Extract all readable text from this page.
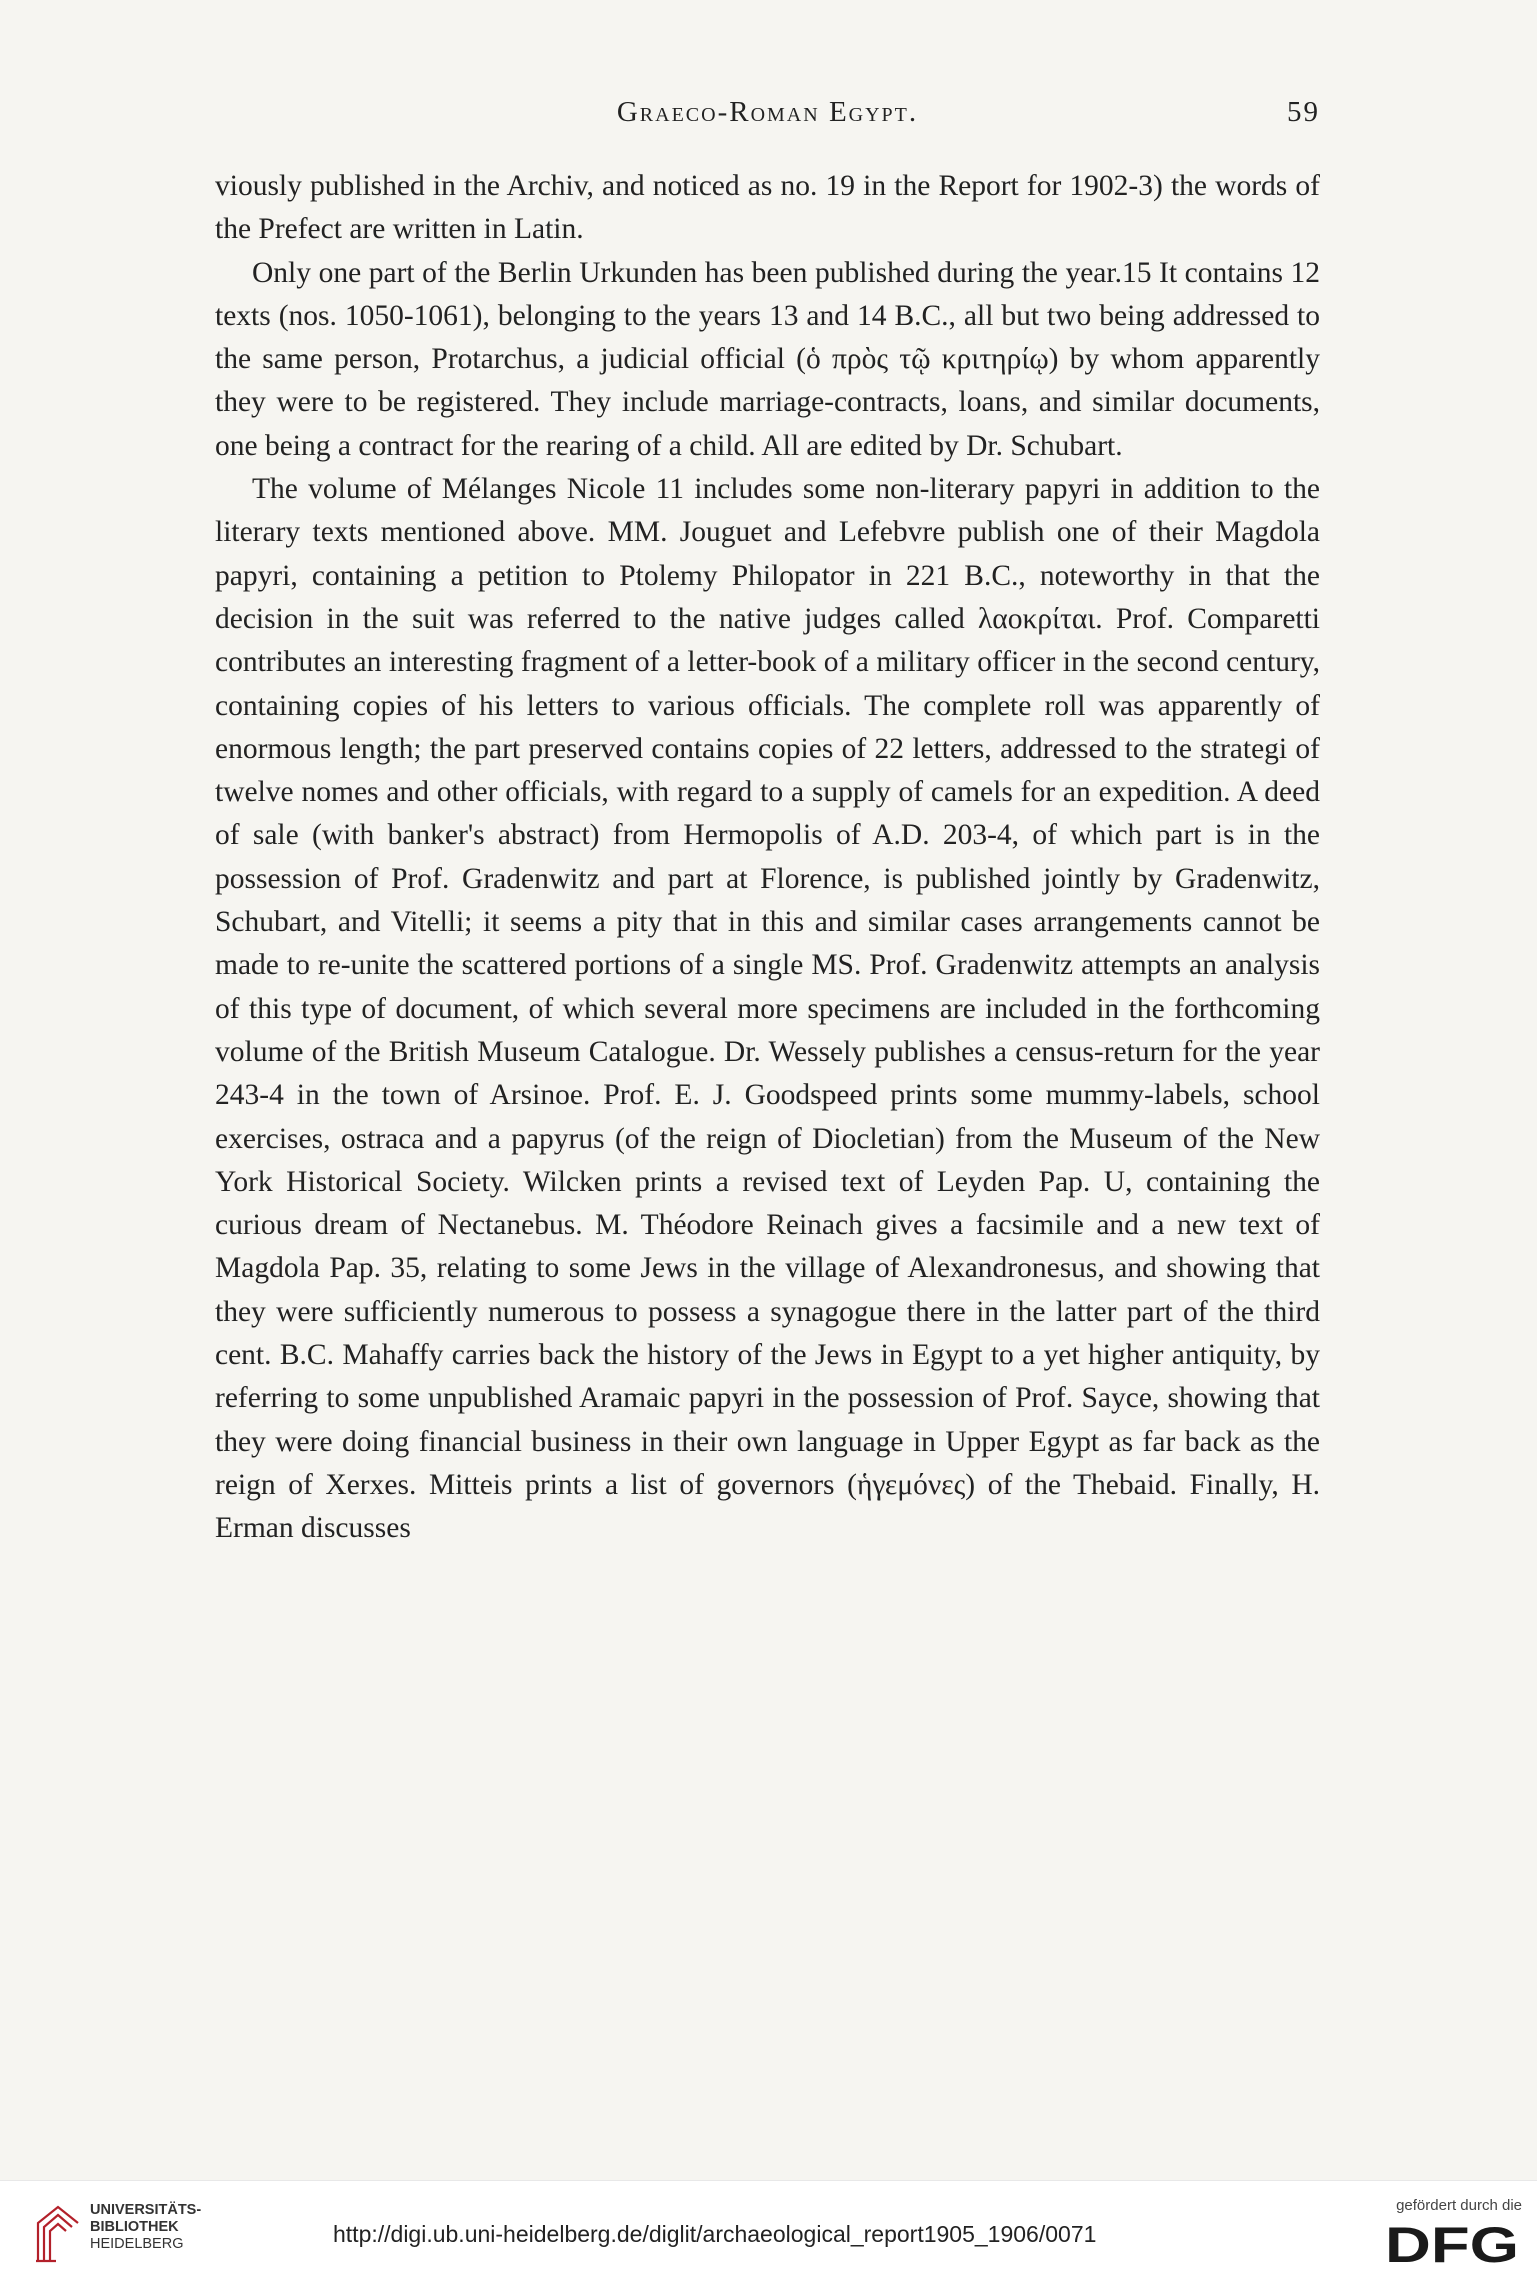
Graeco-Roman Egypt.	59

viously published in the Archiv, and noticed as no. 19 in the Report for 1902-3) the words of the Prefect are written in Latin.

Only one part of the Berlin Urkunden has been published during the year.15 It contains 12 texts (nos. 1050-1061), belonging to the years 13 and 14 B.C., all but two being addressed to the same person, Protarchus, a judicial official (ὁ πρὸς τῷ κριτηρίῳ) by whom apparently they were to be registered. They include marriage-contracts, loans, and similar documents, one being a contract for the rearing of a child. All are edited by Dr. Schubart.

The volume of Mélanges Nicole 11 includes some non-literary papyri in addition to the literary texts mentioned above. MM. Jouguet and Lefebvre publish one of their Magdola papyri, containing a petition to Ptolemy Philopator in 221 B.C., noteworthy in that the decision in the suit was referred to the native judges called λαοκρίται. Prof. Comparetti contributes an interesting fragment of a letter-book of a military officer in the second century, containing copies of his letters to various officials. The complete roll was apparently of enormous length; the part preserved contains copies of 22 letters, addressed to the strategi of twelve nomes and other officials, with regard to a supply of camels for an expedition. A deed of sale (with banker's abstract) from Hermopolis of A.D. 203-4, of which part is in the possession of Prof. Gradenwitz and part at Florence, is published jointly by Gradenwitz, Schubart, and Vitelli; it seems a pity that in this and similar cases arrangements cannot be made to re-unite the scattered portions of a single MS. Prof. Gradenwitz attempts an analysis of this type of document, of which several more specimens are included in the forthcoming volume of the British Museum Catalogue. Dr. Wessely publishes a census-return for the year 243-4 in the town of Arsinoe. Prof. E. J. Goodspeed prints some mummy-labels, school exercises, ostraca and a papyrus (of the reign of Diocletian) from the Museum of the New York Historical Society. Wilcken prints a revised text of Leyden Pap. U, containing the curious dream of Nectanebus. M. Théodore Reinach gives a facsimile and a new text of Magdola Pap. 35, relating to some Jews in the village of Alexandronesus, and showing that they were sufficiently numerous to possess a synagogue there in the latter part of the third cent. B.C. Mahaffy carries back the history of the Jews in Egypt to a yet higher antiquity, by referring to some unpublished Aramaic papyri in the possession of Prof. Sayce, showing that they were doing financial business in their own language in Upper Egypt as far back as the reign of Xerxes. Mitteis prints a list of governors (ἡγεμόνες) of the Thebaid. Finally, H. Erman discusses

UNIVERSITÄTS-
BIBLIOTHEK
HEIDELBERG	http://digi.ub.uni-heidelberg.de/diglit/archaeological_report1905_1906/0071
gefördert durch die
DFG
